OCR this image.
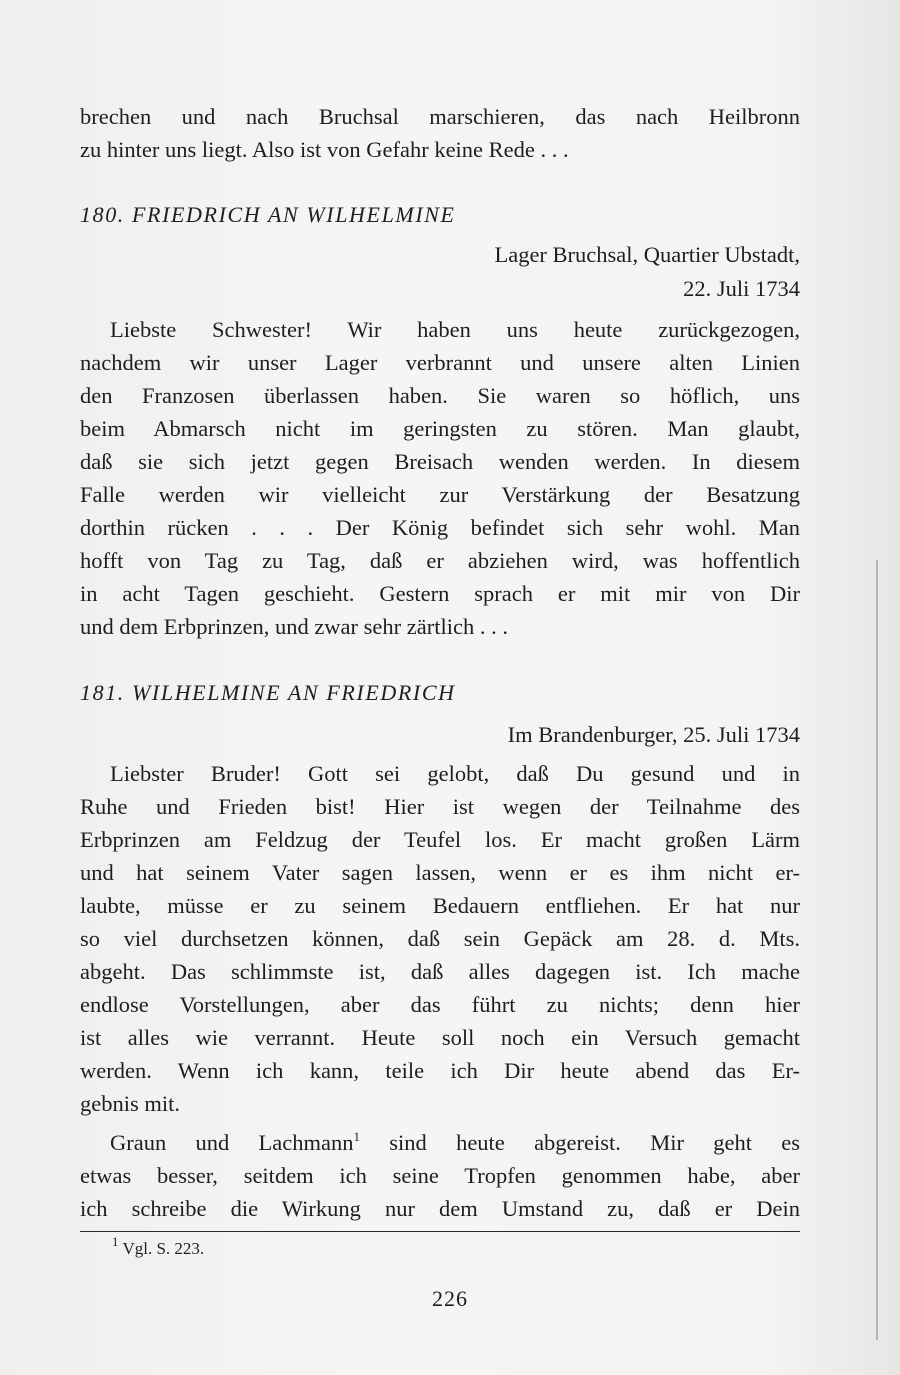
brechen und nach Bruchsal marschieren, das nach Heilbronn
zu hinter uns liegt. Also ist von Gefahr keine Rede . . .
180. FRIEDRICH AN WILHELMINE
Lager Bruchsal, Quartier Ubstadt,
22. Juli 1734
Liebste Schwester! Wir haben uns heute zurückgezogen,
nachdem wir unser Lager verbrannt und unsere alten Linien
den Franzosen überlassen haben. Sie waren so höflich, uns
beim Abmarsch nicht im geringsten zu stören. Man glaubt,
daß sie sich jetzt gegen Breisach wenden werden. In diesem
Falle werden wir vielleicht zur Verstärkung der Besatzung
dorthin rücken . . . Der König befindet sich sehr wohl. Man
hofft von Tag zu Tag, daß er abziehen wird, was hoffentlich
in acht Tagen geschieht. Gestern sprach er mit mir von Dir
und dem Erbprinzen, und zwar sehr zärtlich . . .
181. WILHELMINE AN FRIEDRICH
Im Brandenburger, 25. Juli 1734
Liebster Bruder! Gott sei gelobt, daß Du gesund und in
Ruhe und Frieden bist! Hier ist wegen der Teilnahme des
Erbprinzen am Feldzug der Teufel los. Er macht großen Lärm
und hat seinem Vater sagen lassen, wenn er es ihm nicht er-
laubte, müsse er zu seinem Bedauern entfliehen. Er hat nur
so viel durchsetzen können, daß sein Gepäck am 28. d. Mts.
abgeht. Das schlimmste ist, daß alles dagegen ist. Ich mache
endlose Vorstellungen, aber das führt zu nichts; denn hier
ist alles wie verrannt. Heute soll noch ein Versuch gemacht
werden. Wenn ich kann, teile ich Dir heute abend das Er-
gebnis mit.
Graun und Lachmann$^1$ sind heute abgereist. Mir geht es
etwas besser, seitdem ich seine Tropfen genommen habe, aber
ich schreibe die Wirkung nur dem Umstand zu, daß er Dein
$^1$ Vgl. S. 223.
226
